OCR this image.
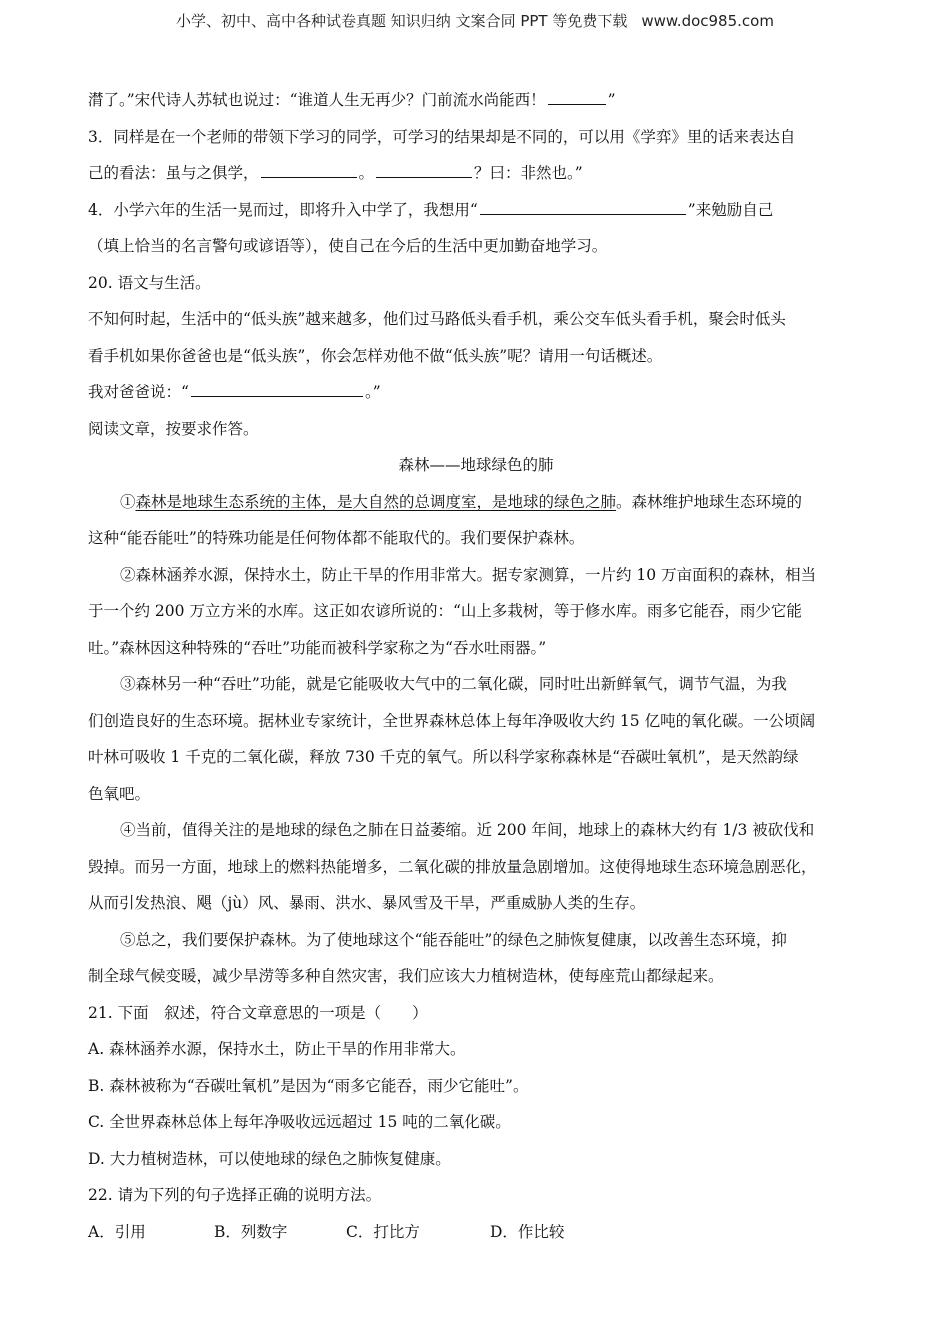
小学、初中、高中各种试卷真题 知识归纳 文案合同 PPT 等免费下载 www.doc985.com
潸了。”宋代诗人苏轼也说过：“谁道人生无再少？门前流水尚能西！	”
3．同样是在一个老师的带领下学习的同学，可学习的结果却是不同的，可以用《学弈》里的话来表达自
己的看法：虽与之俱学，	。	？曰：非然也。”
4．小学六年的生活一晃而过，即将升入中学了，我想用“	”来勉励自己
（填上恰当的名言警句或谚语等），使自己在今后的生活中更加勤奋地学习。
20. 语文与生活。
不知何时起，生活中的“低头族”越来越多，他们过马路低头看手机，乘公交车低头看手机，聚会时低头
看手机如果你爸爸也是“低头族”，你会怎样劝他不做“低头族”呢？请用一句话概述。
我对爸爸说：“	。”
阅读文章，按要求作答。
森林——地球绿色的肺
①森林是地球生态系统的主体，是大自然的总调度室，是地球的绿色之肺。森林维护地球生态环境的
这种“能吞能吐”的特殊功能是任何物体都不能取代的。我们要保护森林。
②森林涵养水源，保持水土，防止干旱的作用非常大。据专家测算，一片约 10 万亩面积的森林，相当
于一个约 200 万立方米的水库。这正如农谚所说的：“山上多栽树，等于修水库。雨多它能吞，雨少它能
吐。”森林因这种特殊的“吞吐”功能而被科学家称之为“吞水吐雨器。”
③森林另一种“吞吐”功能，就是它能吸收大气中的二氧化碳，同时吐出新鲜氧气，调节气温，为我
们创造良好的生态环境。据林业专家统计，全世界森林总体上每年净吸收大约 15 亿吨的氧化碳。一公顷阔
叶林可吸收 1 千克的二氧化碳，释放 730 千克的氧气。所以科学家称森林是“吞碳吐氧机”，是天然韵绿
色氧吧。
④当前，值得关注的是地球的绿色之肺在日益萎缩。近 200 年间，地球上的森林大约有 1/3 被砍伐和
毁掉。而另一方面，地球上的燃料热能增多，二氧化碳的排放量急剧增加。这使得地球生态环境急剧恶化，
从而引发热浪、飓（jù）风、暴雨、洪水、暴风雪及干旱，严重威胁人类的生存。
⑤总之，我们要保护森林。为了使地球这个“能吞能吐”的绿色之肺恢复健康，以改善生态环境，抑
制全球气候变暖，减少旱涝等多种自然灾害，我们应该大力植树造林，使每座荒山都绿起来。
21. 下面　叙述，符合文章意思的一项是（　　）
A. 森林涵养水源，保持水土，防止干旱的作用非常大。
B. 森林被称为“吞碳吐氧机”是因为“雨多它能吞，雨少它能吐”。
C. 全世界森林总体上每年净吸收远远超过 15 吨的二氧化碳。
D. 大力植树造林，可以使地球的绿色之肺恢复健康。
22. 请为下列的句子选择正确的说明方法。
A．引用	B．列数字	C．打比方	D．作比较
